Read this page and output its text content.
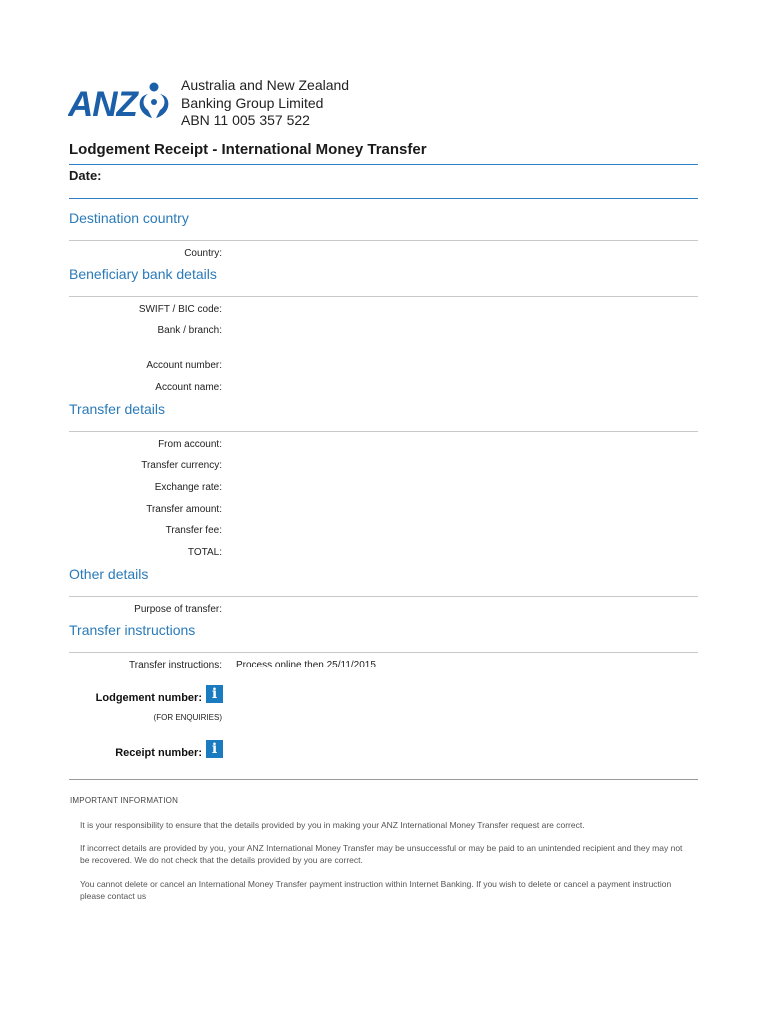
ANZ	Australia and New Zealand
Banking Group Limited
ABN 11 005 357 522
Lodgement Receipt - International Money Transfer
Date:
Destination country
Country:
Beneficiary bank details
SWIFT / BIC code:
Bank / branch:
Account number:
Account name:
Transfer details
From account:
Transfer currency:
Exchange rate:
Transfer amount:
Transfer fee:
TOTAL:
Other details
Purpose of transfer:
Transfer instructions
Transfer instructions: Process online then 25/11/2015
Lodgement number: i
(FOR ENQUIRIES)
Receipt number: i
IMPORTANT INFORMATION
It is your responsibility to ensure that the details provided by you in making your ANZ International Money Transfer request are correct.
If incorrect details are provided by you, your ANZ International Money Transfer may be unsuccessful or may be paid to an unintended recipient and they may not be recovered. We do not check that the details provided by you are correct.
You cannot delete or cancel an International Money Transfer payment instruction within Internet Banking. If you wish to delete or cancel a payment instruction please contact us
